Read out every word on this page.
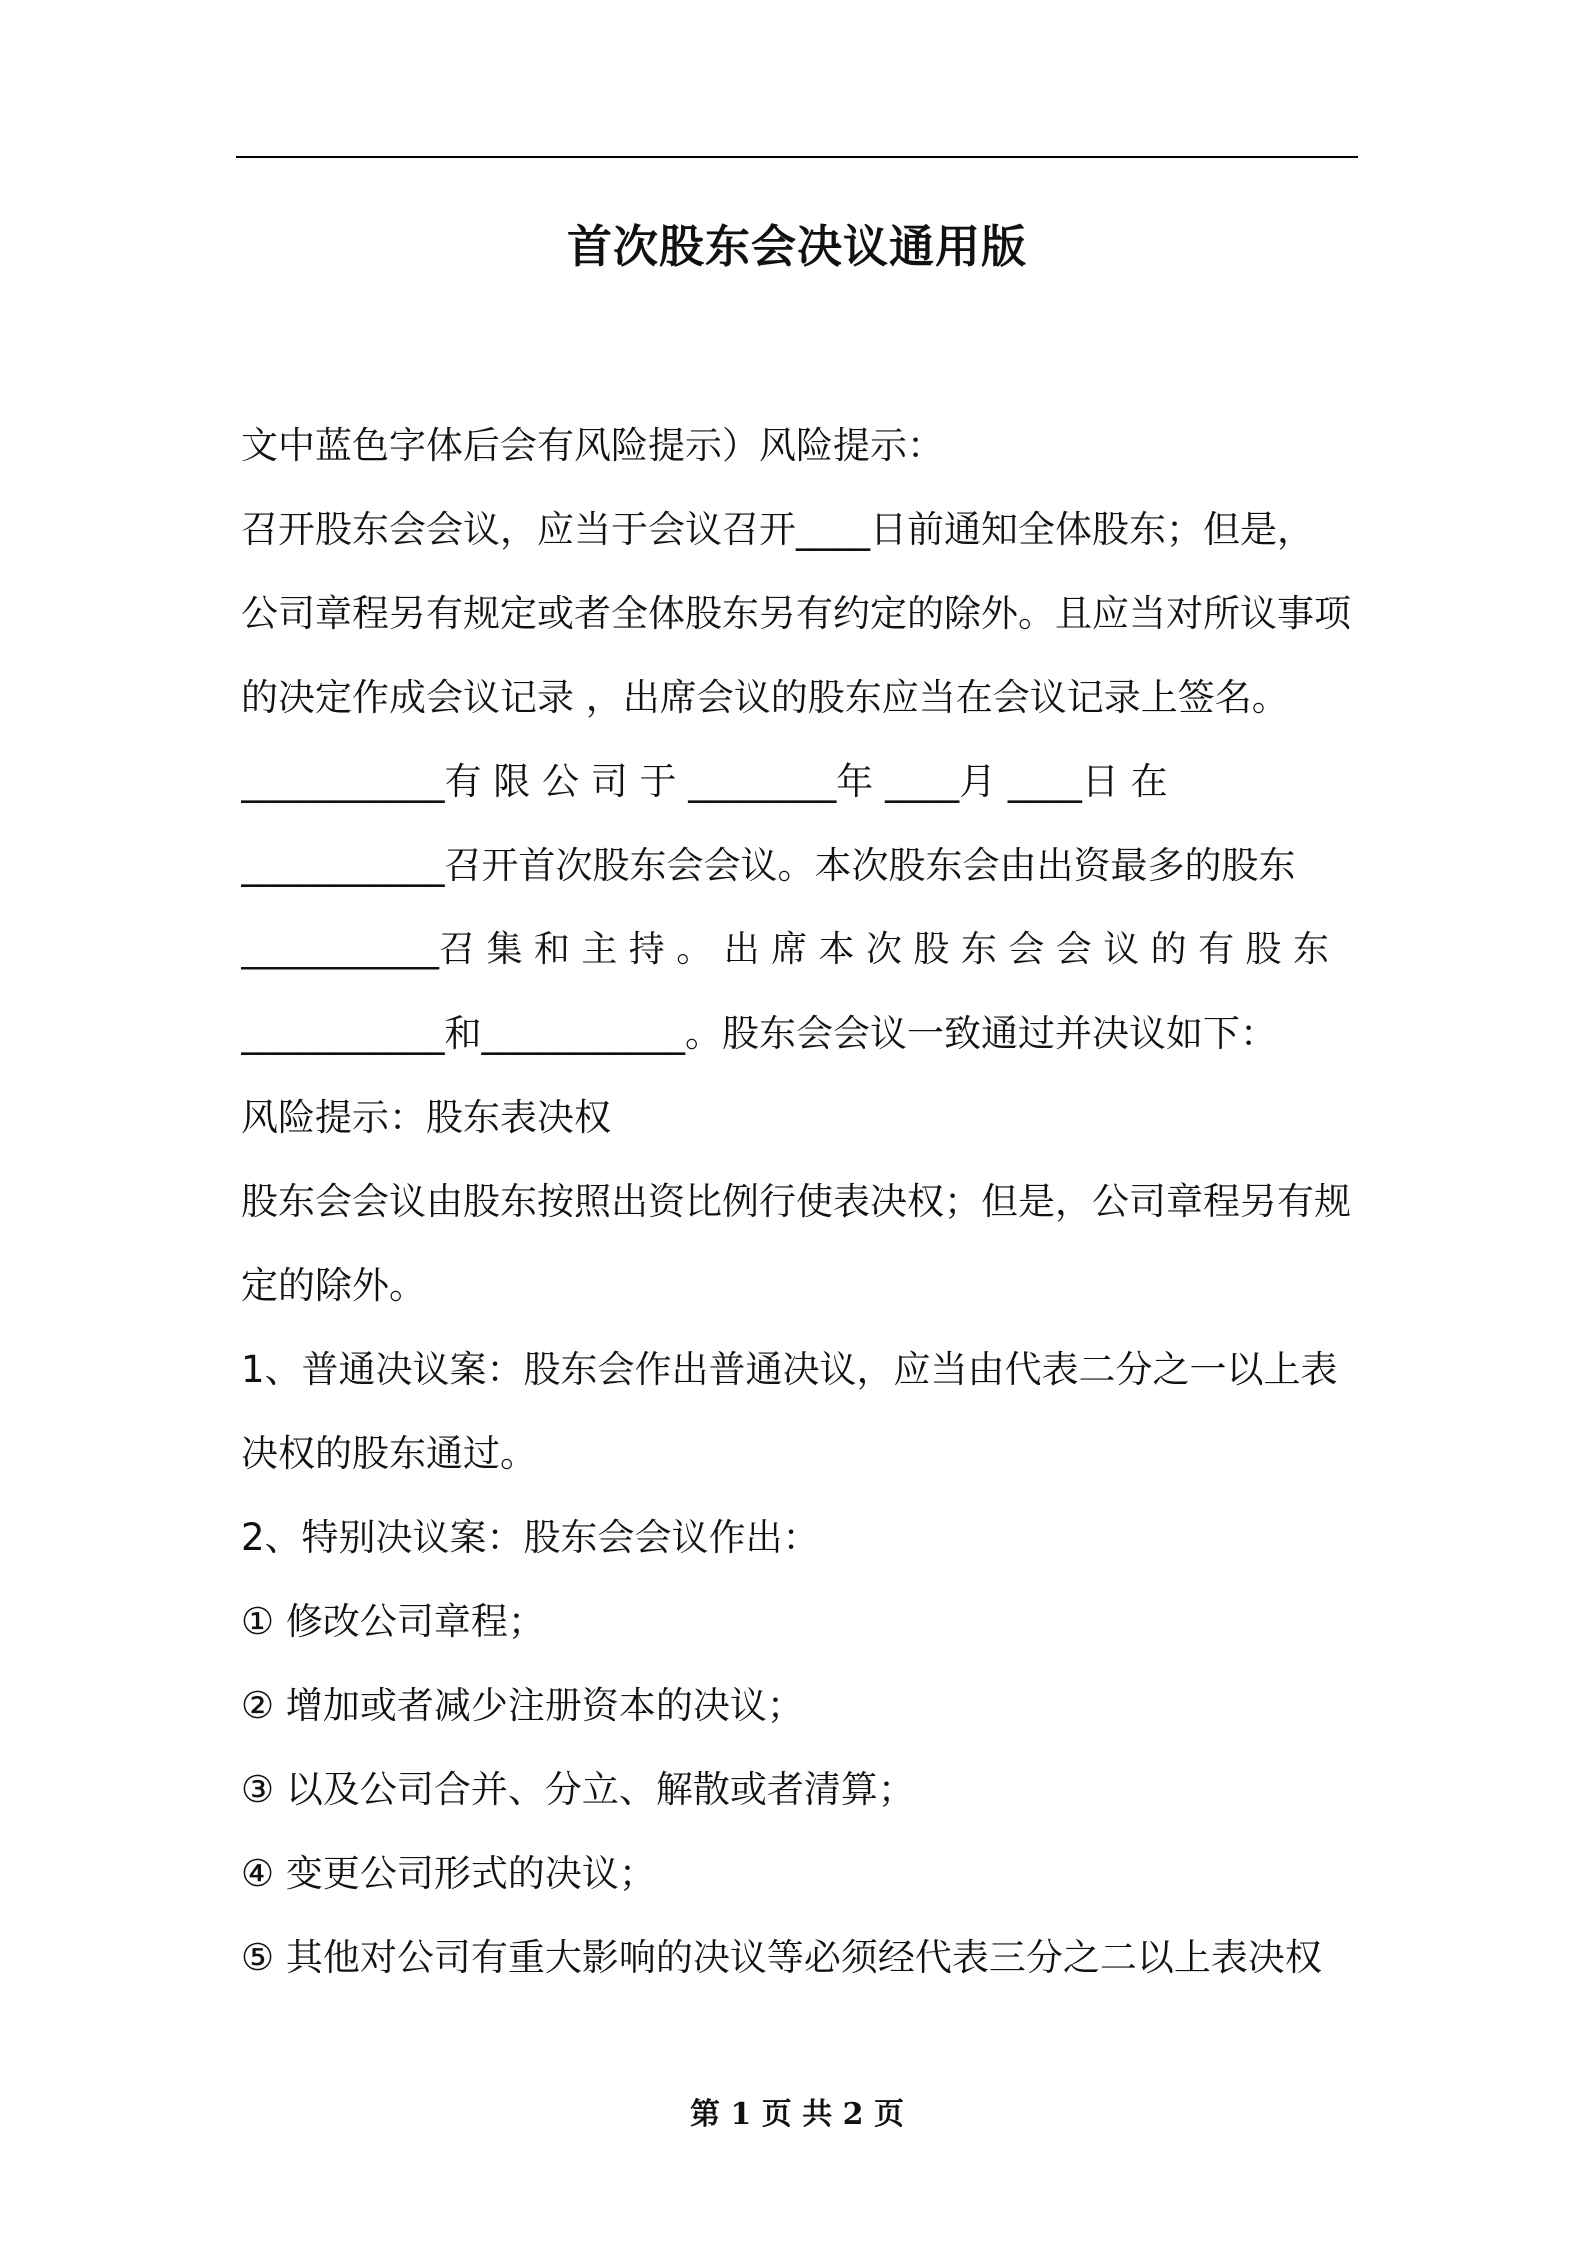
首次股东会决议通用版
文中蓝色字体后会有风险提示）风险提示：
召开股东会会议，应当于会议召开____日前通知全体股东；但是，
公司章程另有规定或者全体股东另有约定的除外。且应当对所议事项
的决定作成会议记录 ，出席会议的股东应当在会议记录上签名。
___________有 限 公 司 于 ________年 ____月 ____日 在
___________召开首次股东会会议。本次股东会由出资最多的股东
___________召 集 和 主 持 。 出 席 本 次 股 东 会 会 议 的 有 股 东
___________和___________。股东会会议一致通过并决议如下：
风险提示：股东表决权
股东会会议由股东按照出资比例行使表决权；但是，公司章程另有规
定的除外。
1、普通决议案：股东会作出普通决议，应当由代表二分之一以上表
决权的股东通过。
2、特别决议案：股东会会议作出：
① 修改公司章程；
② 增加或者减少注册资本的决议；
③ 以及公司合并、分立、解散或者清算；
④ 变更公司形式的决议；
⑤ 其他对公司有重大影响的决议等必须经代表三分之二以上表决权
第 1 页 共 2 页
